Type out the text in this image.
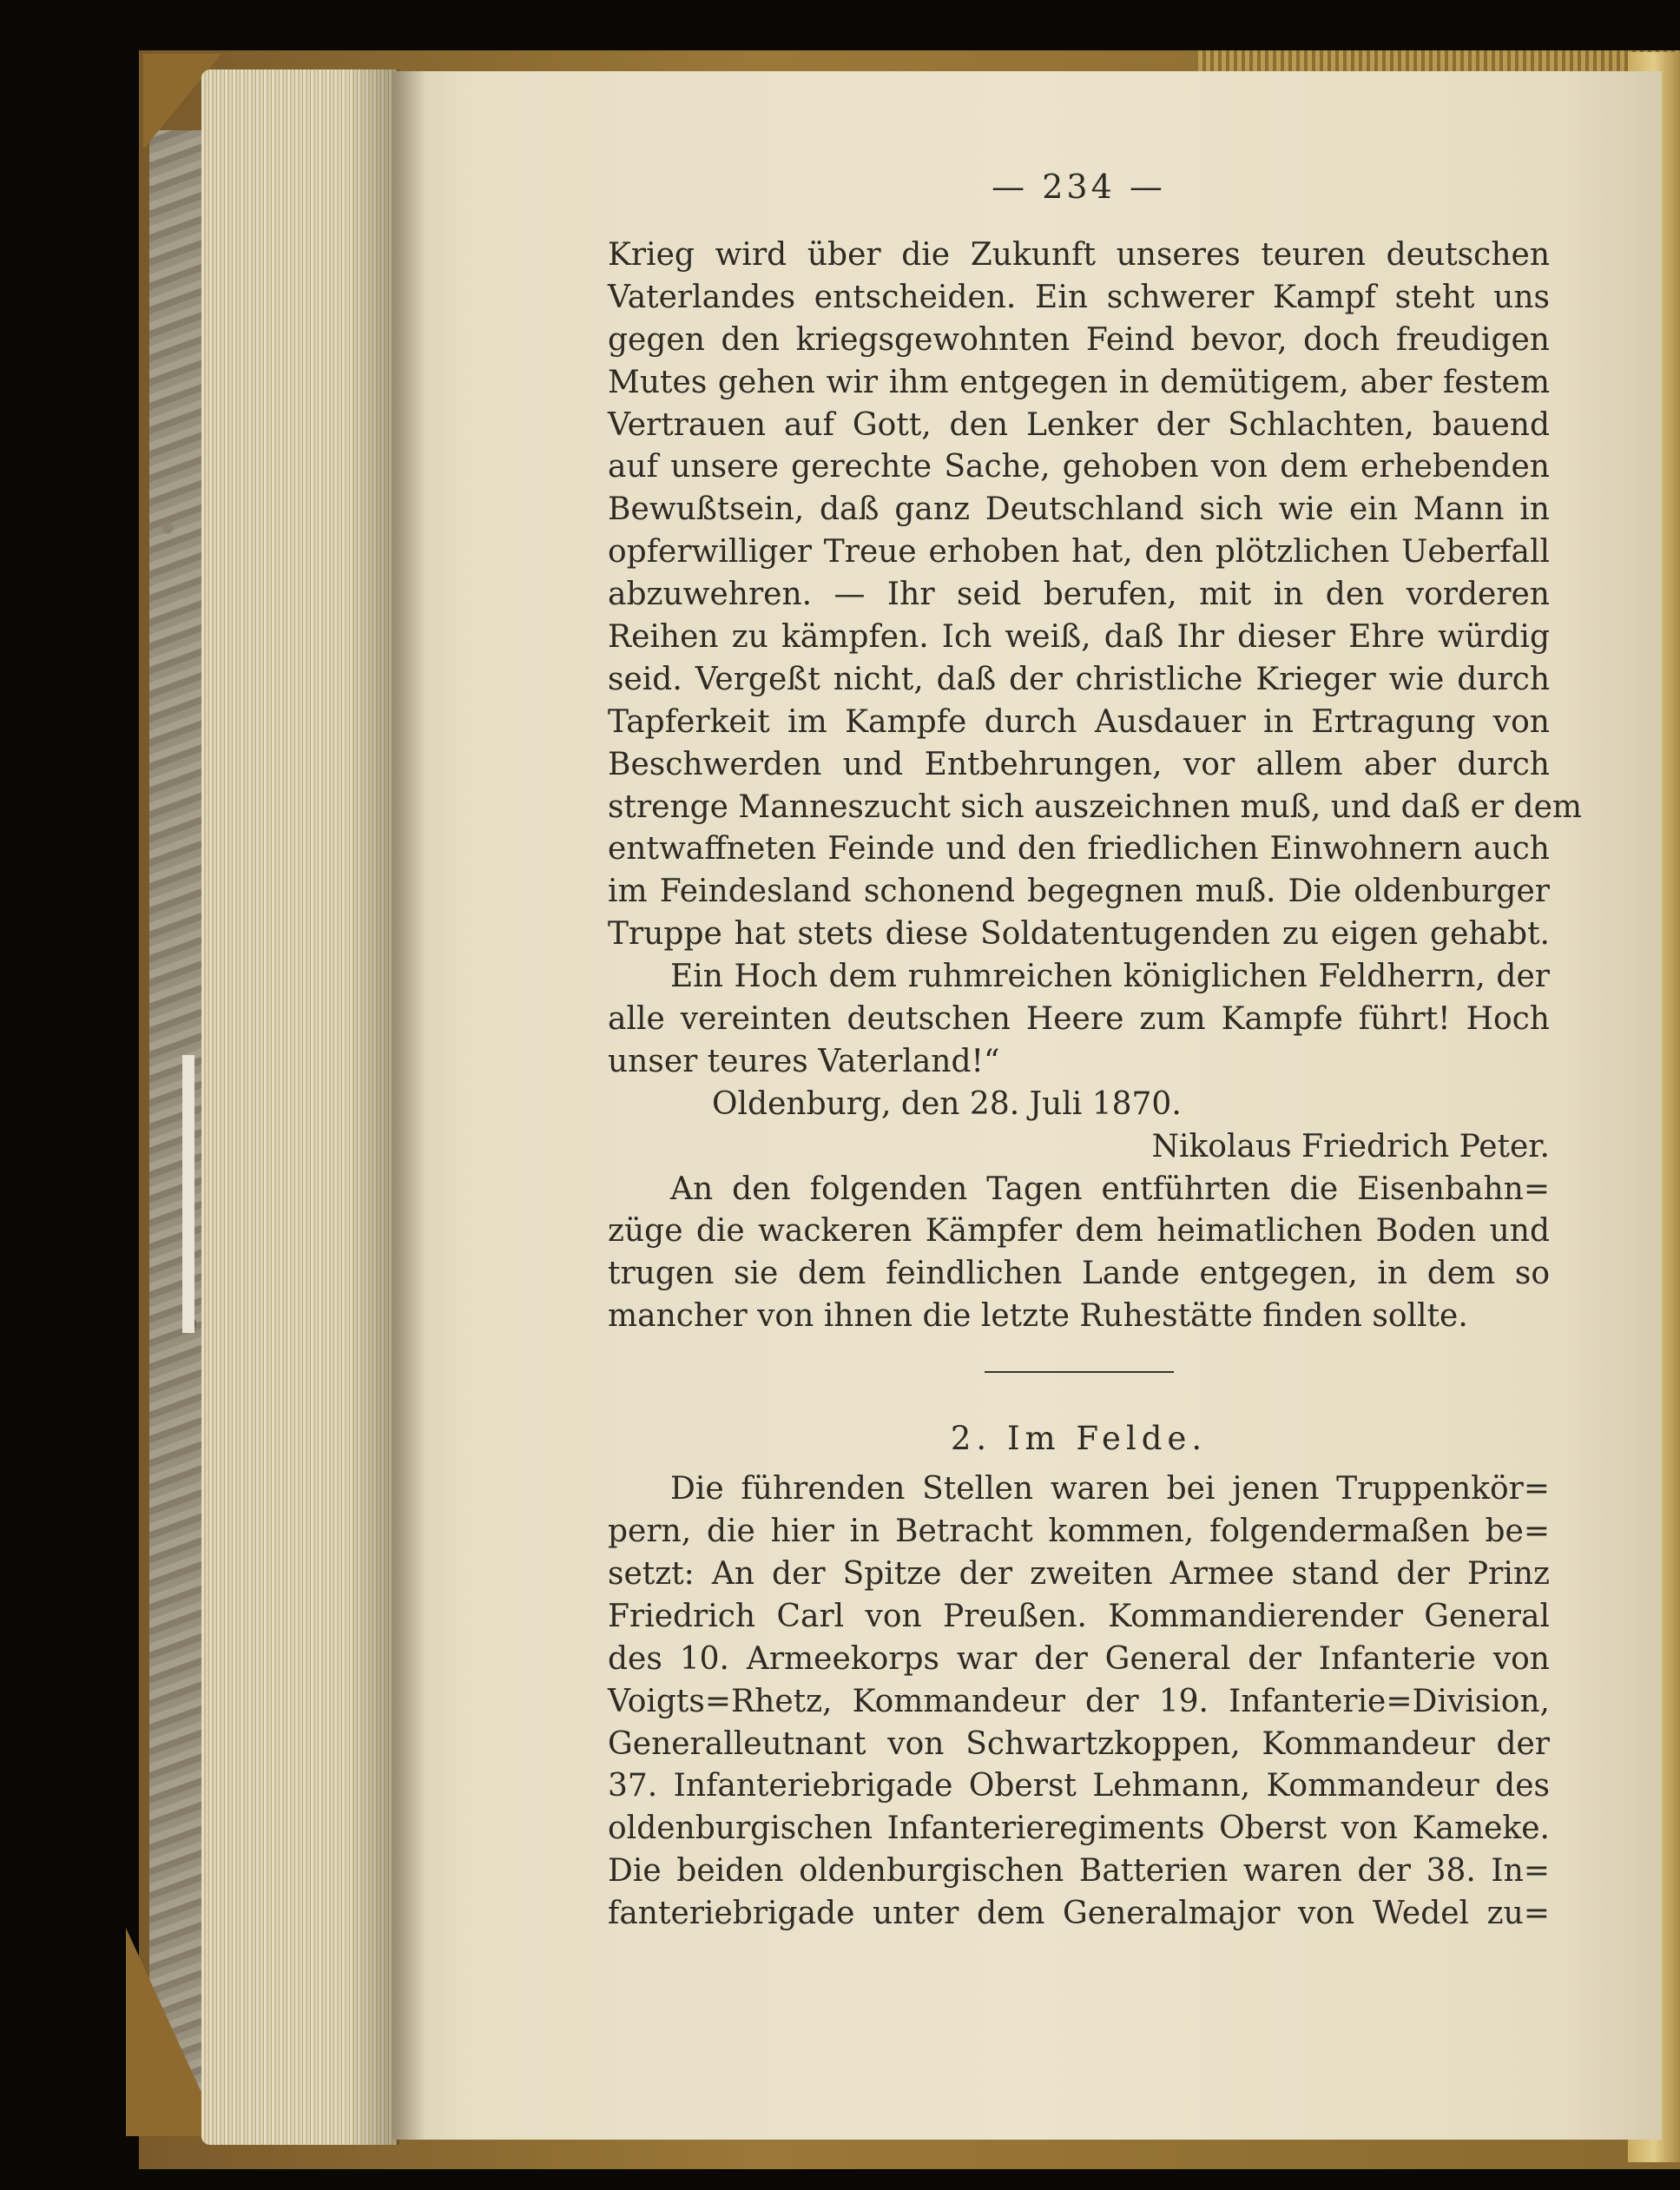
— 234 —
Krieg wird über die Zukunft unseres teuren deutschen
Vaterlandes entscheiden. Ein schwerer Kampf steht uns
gegen den kriegsgewohnten Feind bevor, doch freudigen
Mutes gehen wir ihm entgegen in demütigem, aber festem
Vertrauen auf Gott, den Lenker der Schlachten, bauend
auf unsere gerechte Sache, gehoben von dem erhebenden
Bewußtsein, daß ganz Deutschland sich wie ein Mann in
opferwilliger Treue erhoben hat, den plötzlichen Ueberfall
abzuwehren. — Ihr seid berufen, mit in den vorderen
Reihen zu kämpfen. Ich weiß, daß Ihr dieser Ehre würdig
seid. Vergeßt nicht, daß der christliche Krieger wie durch
Tapferkeit im Kampfe durch Ausdauer in Ertragung von
Beschwerden und Entbehrungen, vor allem aber durch
strenge Manneszucht sich auszeichnen muß, und daß er dem
entwaffneten Feinde und den friedlichen Einwohnern auch
im Feindesland schonend begegnen muß. Die oldenburger
Truppe hat stets diese Soldatentugenden zu eigen gehabt.
Ein Hoch dem ruhmreichen königlichen Feldherrn, der
alle vereinten deutschen Heere zum Kampfe führt! Hoch
unser teures Vaterland!“
Oldenburg, den 28. Juli 1870.
Nikolaus Friedrich Peter.
An den folgenden Tagen entführten die Eisenbahn=
züge die wackeren Kämpfer dem heimatlichen Boden und
trugen sie dem feindlichen Lande entgegen, in dem so
mancher von ihnen die letzte Ruhestätte finden sollte.
2. Im Felde.
Die führenden Stellen waren bei jenen Truppenkör=
pern, die hier in Betracht kommen, folgendermaßen be=
setzt: An der Spitze der zweiten Armee stand der Prinz
Friedrich Carl von Preußen. Kommandierender General
des 10. Armeekorps war der General der Infanterie von
Voigts=Rhetz, Kommandeur der 19. Infanterie=Division,
Generalleutnant von Schwartzkoppen, Kommandeur der
37. Infanteriebrigade Oberst Lehmann, Kommandeur des
oldenburgischen Infanterieregiments Oberst von Kameke.
Die beiden oldenburgischen Batterien waren der 38. In=
fanteriebrigade unter dem Generalmajor von Wedel zu=
